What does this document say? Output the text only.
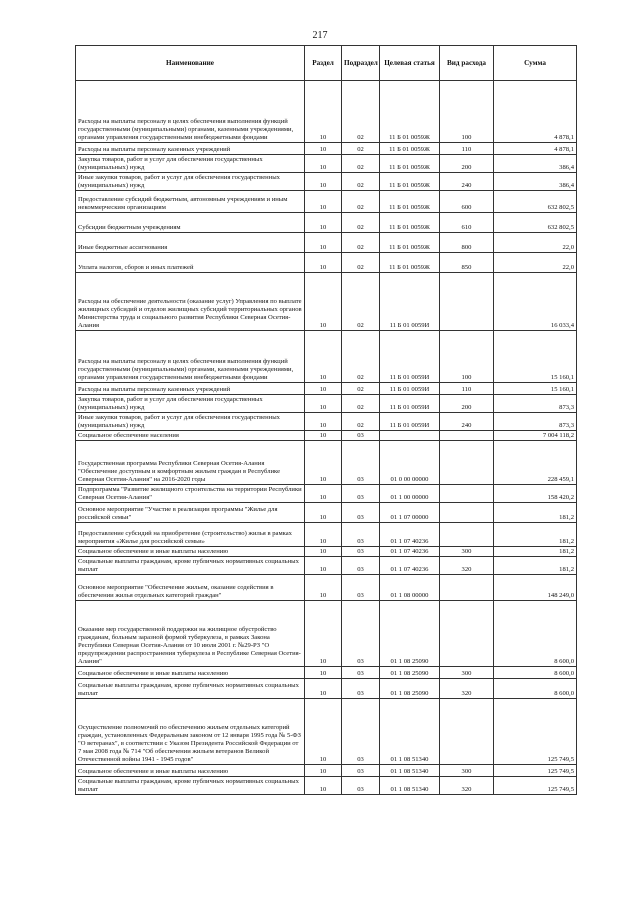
217
Наименование	Раздел	Подраздел	Целевая статья	Вид расхода	Сумма
Расходы на выплаты персоналу в целях обеспечения выполнения функций государственными (муниципальными) органами, казенными учреждениями, органами управления государственными внебюджетными фондами	10	02	11 Б 01 0059Ж	100	4 878,1
Расходы на выплаты персоналу казенных учреждений	10	02	11 Б 01 0059Ж	110	4 878,1
Закупка товаров, работ и услуг для обеспечения государственных (муниципальных) нужд	10	02	11 Б 01 0059Ж	200	386,4
Иные закупки товаров, работ и услуг для обеспечения государственных (муниципальных) нужд	10	02	11 Б 01 0059Ж	240	386,4
Предоставление субсидий бюджетным, автономным учреждениям и иным некоммерческим организациям	10	02	11 Б 01 0059Ж	600	632 802,5
Субсидии бюджетным учреждениям	10	02	11 Б 01 0059Ж	610	632 802,5
Иные бюджетные ассигнования	10	02	11 Б 01 0059Ж	800	22,0
Уплата налогов, сборов и иных платежей	10	02	11 Б 01 0059Ж	850	22,0
Расходы на обеспечение деятельности (оказание услуг) Управления по выплате жилищных субсидий и отделов жилищных субсидий территориальных органов Министерства труда и социального развития Республики Северная Осетия-Алания	10	02	11 Б 01 0059И		16 033,4
Расходы на выплаты персоналу в целях обеспечения выполнения функций государственными (муниципальными) органами, казенными учреждениями, органами управления государственными внебюджетными фондами	10	02	11 Б 01 0059И	100	15 160,1
Расходы на выплаты персоналу казенных учреждений	10	02	11 Б 01 0059И	110	15 160,1
Закупка товаров, работ и услуг для обеспечения государственных (муниципальных) нужд	10	02	11 Б 01 0059И	200	873,3
Иные закупки товаров, работ и услуг для обеспечения государственных (муниципальных) нужд	10	02	11 Б 01 0059И	240	873,3
Социальное обеспечение населения	10	03			7 004 118,2
Государственная программа Республики Северная Осетия-Алания "Обеспечение доступным и комфортным жильем граждан в Республике Северная Осетия-Алания" на 2016-2020 годы	10	03	01 0 00 00000		228 459,1
Подпрограмма "Развитие жилищного строительства на территории Республики Северная Осетия-Алания"	10	03	01 1 00 00000		158 420,2
Основное мероприятие "Участие в реализации программы "Жилье для российской семьи"	10	03	01 1 07 00000		181,2
Предоставление субсидий на приобретение (строительство) жилья в рамках мероприятия «Жилье для российской семьи»	10	03	01 1 07 40236		181,2
Социальное обеспечение и иные выплаты населению	10	03	01 1 07 40236	300	181,2
Социальные выплаты гражданам, кроме публичных нормативных социальных выплат	10	03	01 1 07 40236	320	181,2
Основное мероприятие "Обеспечение жильем, оказание содействия в обеспечении жилья отдельных категорий граждан"	10	03	01 1 08 00000		148 249,0
Оказание мер государственной поддержки на жилищное обустройство гражданам, больным заразной формой туберкулеза, в рамках Закона Республики Северная Осетия-Алания от 10 июля 2001 г. №29-РЗ "О предупреждении распространения туберкулеза в Республике Северная Осетия-Алания"	10	03	01 1 08 25090		8 600,0
Социальное обеспечение и иные выплаты населению	10	03	01 1 08 25090	300	8 600,0
Социальные выплаты гражданам, кроме публичных нормативных социальных выплат	10	03	01 1 08 25090	320	8 600,0
Осуществление полномочий по обеспечению жильем отдельных категорий граждан, установленных Федеральным законом от 12 января 1995 года № 5-ФЗ "О ветеранах", в соответствии с Указом Президента Российской Федерации от 7 мая 2008 года № 714 "Об обеспечении жильем ветеранов Великой Отечественной войны 1941 - 1945 годов"	10	03	01 1 08 51340		125 749,5
Социальное обеспечение и иные выплаты населению	10	03	01 1 08 51340	300	125 749,5
Социальные выплаты гражданам, кроме публичных нормативных социальных выплат	10	03	01 1 08 51340	320	125 749,5
